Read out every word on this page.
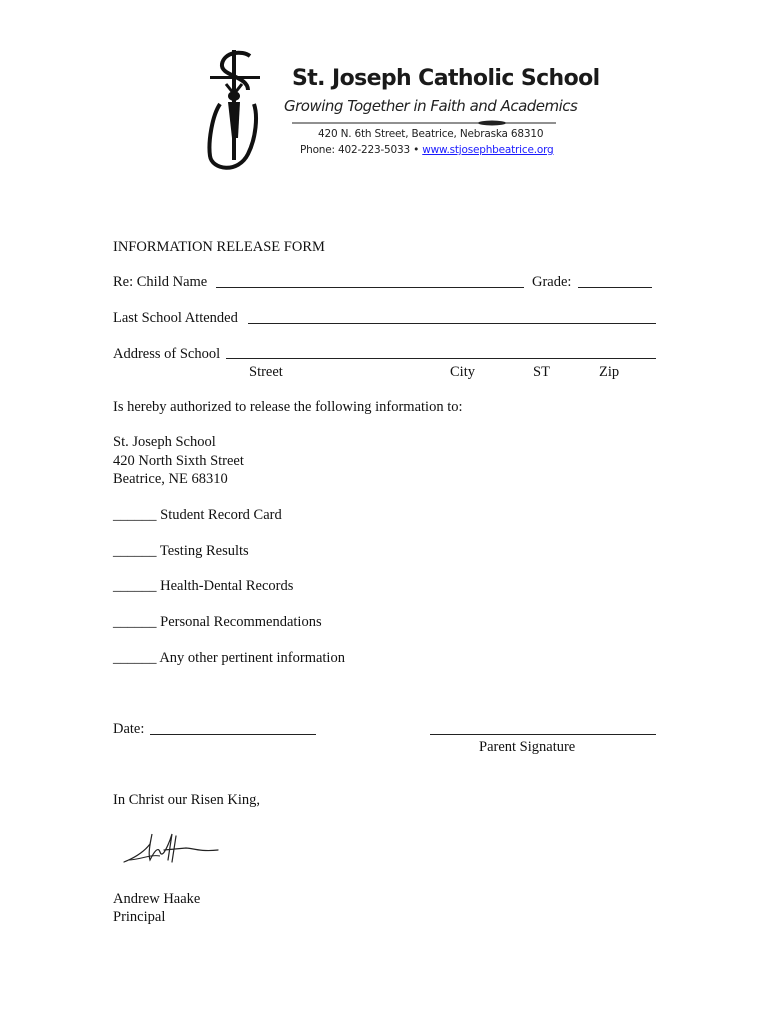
St. Joseph Catholic School
Growing Together in Faith and Academics
420 N. 6th Street, Beatrice, Nebraska 68310
Phone: 402-223-5033 • www.stjosephbeatrice.org
INFORMATION RELEASE FORM
Re: Child Name	Grade:
Last School Attended
Address of School
Street	City	ST	Zip
Is hereby authorized to release the following information to:
St. Joseph School
420 North Sixth Street
Beatrice, NE 68310
______ Student Record Card
______ Testing Results
______ Health-Dental Records
______ Personal Recommendations
______ Any other pertinent information
Date:
Parent Signature
In Christ our Risen King,
Andrew Haake
Principal
